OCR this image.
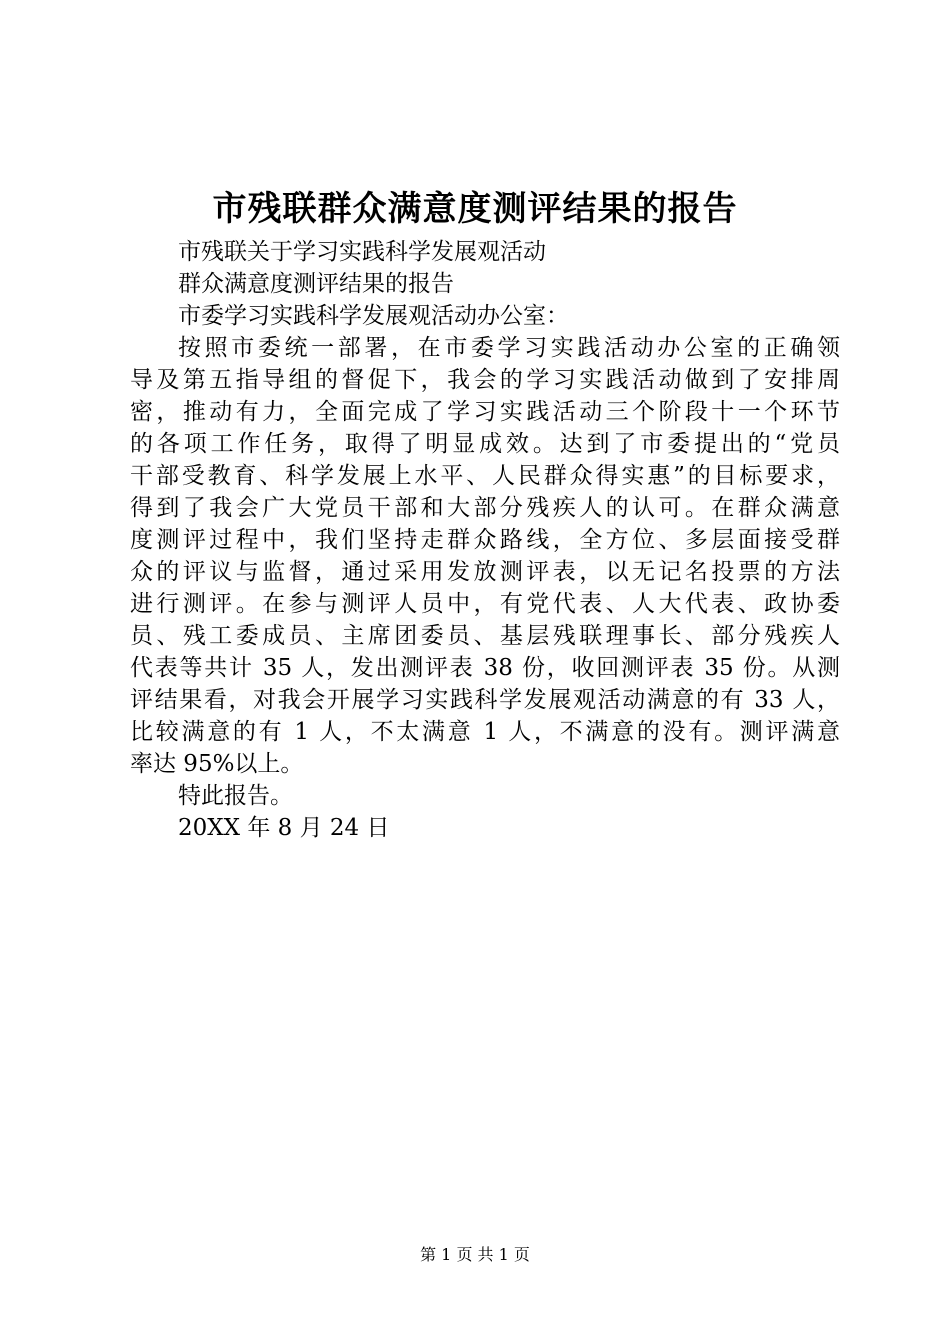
市残联群众满意度测评结果的报告
市残联关于学习实践科学发展观活动
群众满意度测评结果的报告
市委学习实践科学发展观活动办公室：
按照市委统一部署，在市委学习实践活动办公室的正确领
导及第五指导组的督促下，我会的学习实践活动做到了安排周
密，推动有力，全面完成了学习实践活动三个阶段十一个环节
的各项工作任务，取得了明显成效。达到了市委提出的“党员
干部受教育、科学发展上水平、人民群众得实惠”的目标要求，
得到了我会广大党员干部和大部分残疾人的认可。在群众满意
度测评过程中，我们坚持走群众路线，全方位、多层面接受群
众的评议与监督，通过采用发放测评表，以无记名投票的方法
进行测评。在参与测评人员中，有党代表、人大代表、政协委
员、残工委成员、主席团委员、基层残联理事长、部分残疾人
代表等共计 35 人，发出测评表 38 份，收回测评表 35 份。从测
评结果看，对我会开展学习实践科学发展观活动满意的有 33 人，
比较满意的有 1 人，不太满意 1 人，不满意的没有。测评满意
率达 95%以上。
特此报告。
20XX 年 8 月 24 日
第 1 页 共 1 页
